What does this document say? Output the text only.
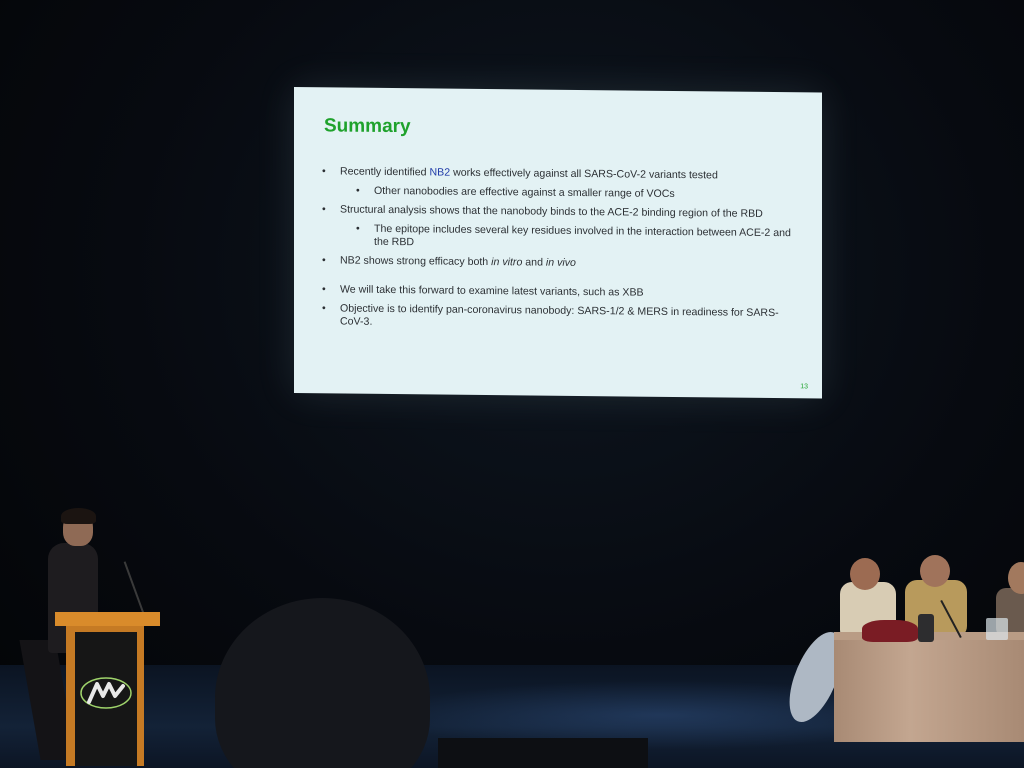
Summary
• Recently identified NB2 works effectively against all SARS-CoV-2 variants tested
• Other nanobodies are effective against a smaller range of VOCs
• Structural analysis shows that the nanobody binds to the ACE-2 binding region of the RBD
• The epitope includes several key residues involved in the interaction between ACE-2 and the RBD
• NB2 shows strong efficacy both in vitro and in vivo
• We will take this forward to examine latest variants, such as XBB
• Objective is to identify pan-coronavirus nanobody: SARS-1/2 & MERS in readiness for SARS-CoV-3.
13
